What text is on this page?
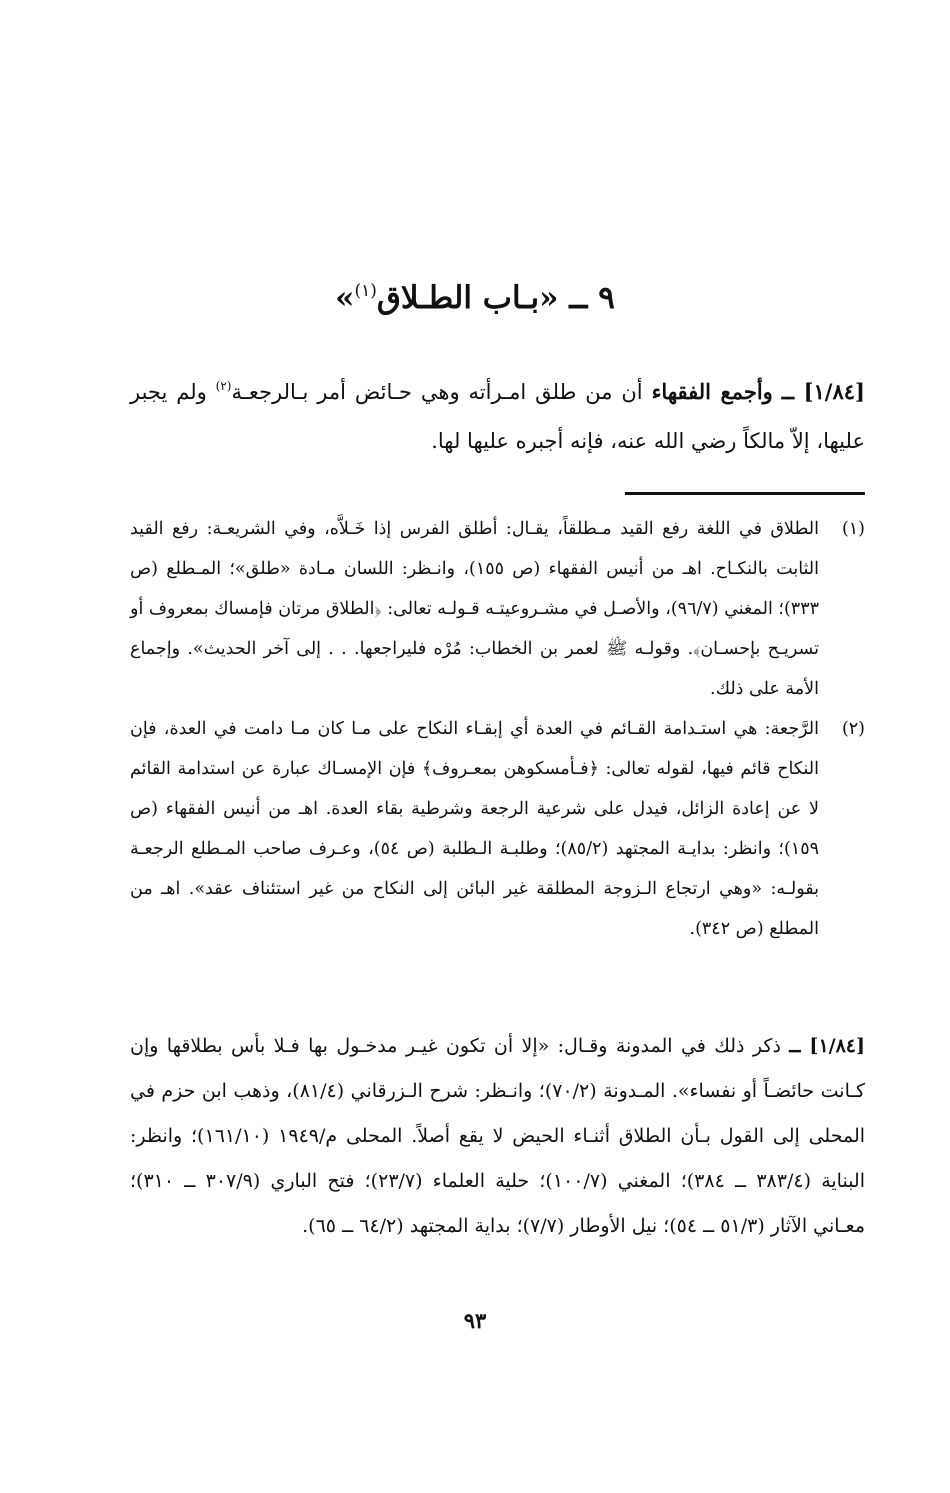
٩ ــ «بـاب الطـلاق$^{(١)}$»
[١/٨٤] ــ وأجمع الفقهاء أن من طلق امـرأته وهي حـائض أمر بـالرجعـة$^{(٢)}$ ولم يجبر عليها، إلاّ مالكاً رضي الله عنه، فإنه أجبره عليها لها.
(١)
الطلاق في اللغة رفع القيد مـطلقاً، يقـال: أطلق الفرس إذا خَـلاَّه، وفي الشريعـة: رفع القيد الثابت بالنكـاح. اهـ من أنيس الفقهاء (ص ١٥٥)، وانـظر: اللسان مـادة «طلق»؛ المـطلع (ص ٣٣٣)؛ المغني (٩٦/٧)، والأصـل في مشـروعيتـه قـولـه تعالى: ﴿الطلاق مرتان فإمساك بمعروف أو تسريـح بإحسـان﴾. وقولـه ﷺ لعمر بن الخطاب: مُرْه فليراجعها. . . إلى آخر الحديث». وإجماع الأمة على ذلك.
(٢)
الرَّجعة: هي استـدامة القـائم في العدة أي إبقـاء النكاح على مـا كان مـا دامت في العدة، فإن النكاح قائم فيها، لقوله تعالى: ﴿فـأمسكوهن بمعـروف﴾ فإن الإمسـاك عبارة عن استدامة القائم لا عن إعادة الزائل، فيدل على شرعية الرجعة وشرطية بقاء العدة. اهـ من أنيس الفقهاء (ص ١٥٩)؛ وانظر: بدايـة المجتهد (٨٥/٢)؛ وطلبـة الـطلبة (ص ٥٤)، وعـرف صاحب المـطلع الرجعـة بقولـه: «وهي ارتجاع الـزوجة المطلقة غير البائن إلى النكاح من غير استئناف عقد». اهـ من المطلع (ص ٣٤٢).
[١/٨٤] ــ ذكر ذلك في المدونة وقـال: «إلا أن تكون غيـر مدخـول بها فـلا بأس بطلاقها وإن كـانت حائضـاً أو نفساء». المـدونة (٧٠/٢)؛ وانـظر: شرح الـزرقاني (٨١/٤)، وذهب ابن حزم في المحلى إلى القول بـأن الطلاق أثنـاء الحيض لا يقع أصلاً. المحلى م/١٩٤٩ (١٦١/١٠)؛ وانظر: البناية (٣٨٣/٤ ــ ٣٨٤)؛ المغني (١٠٠/٧)؛ حلية العلماء (٢٣/٧)؛ فتح الباري (٣٠٧/٩ ــ ٣١٠)؛ معـاني الآثار (٥١/٣ ــ ٥٤)؛ نيل الأوطار (٧/٧)؛ بداية المجتهد (٦٤/٢ ــ ٦٥).
٩٣
